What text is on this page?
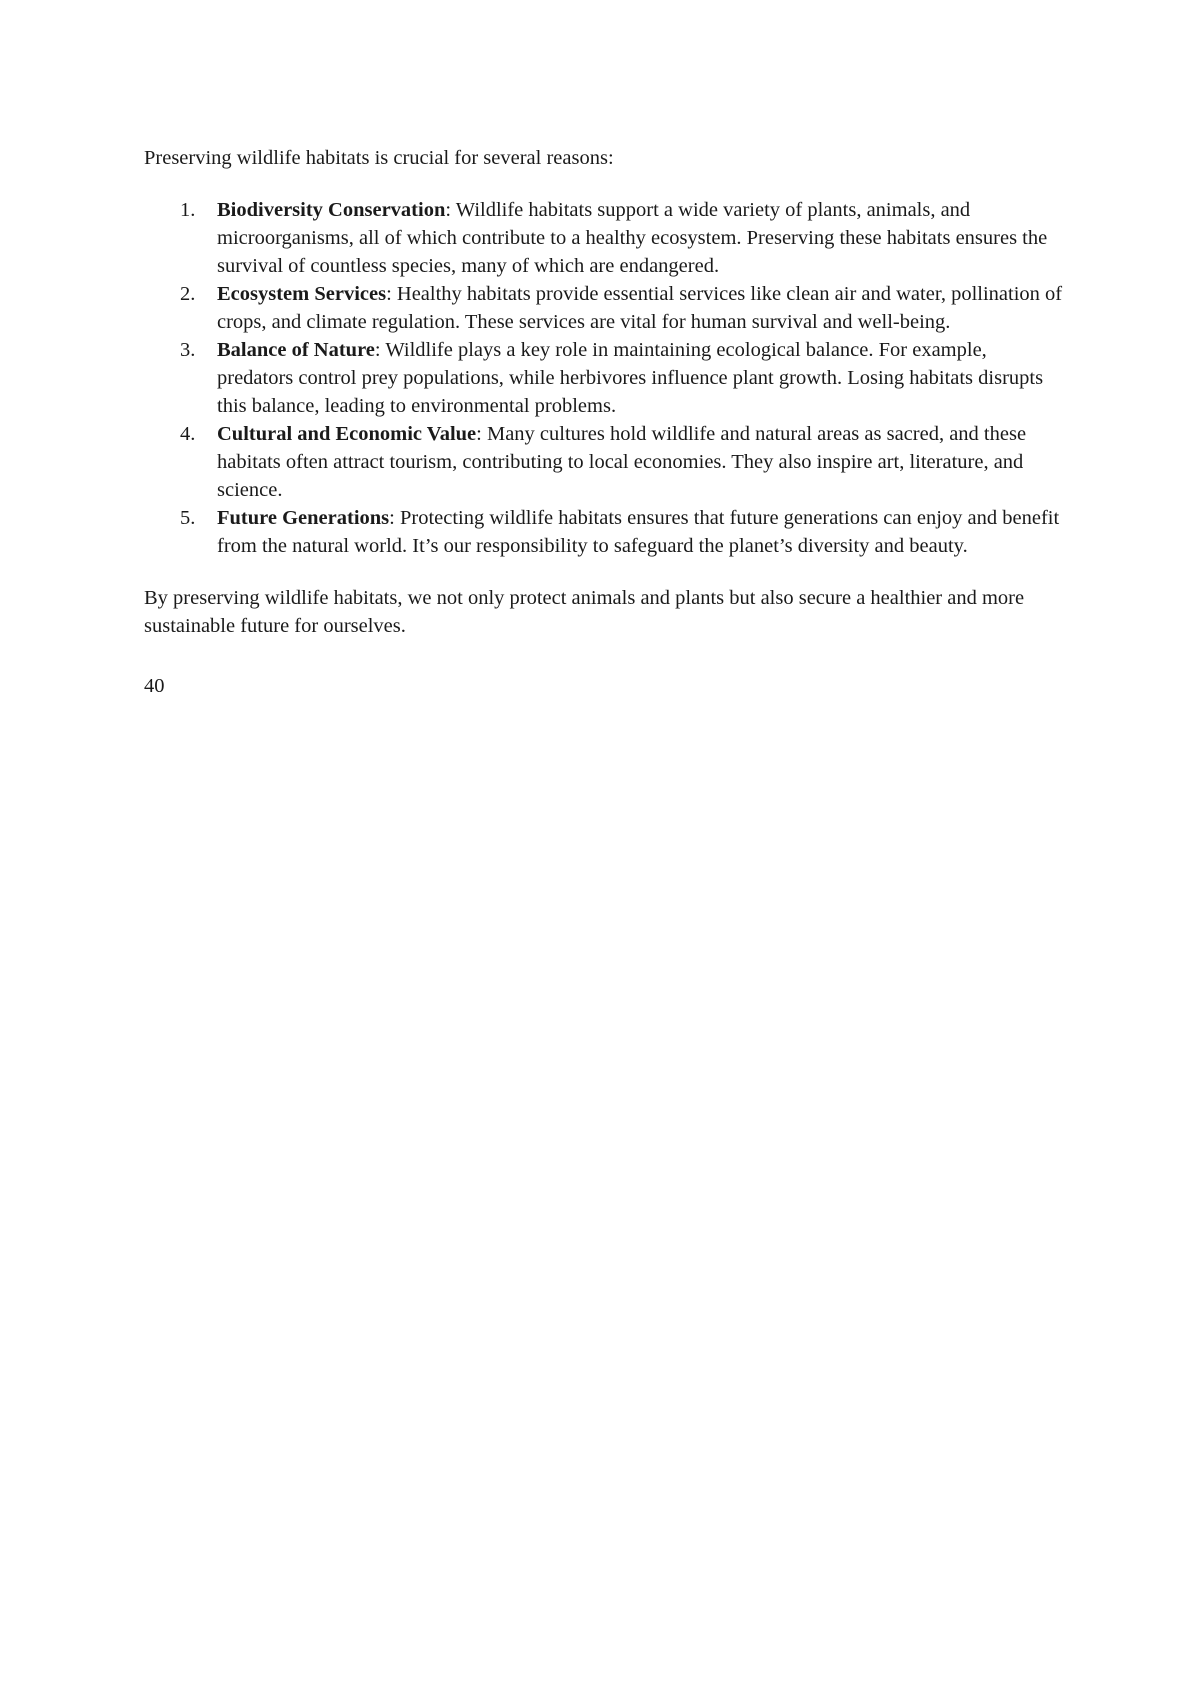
Preserving wildlife habitats is crucial for several reasons:

1.	Biodiversity Conservation: Wildlife habitats support a wide variety of plants, animals, and microorganisms, all of which contribute to a healthy ecosystem. Preserving these habitats ensures the survival of countless species, many of which are endangered.
2.	Ecosystem Services: Healthy habitats provide essential services like clean air and water, pollination of crops, and climate regulation. These services are vital for human survival and well-being.
3.	Balance of Nature: Wildlife plays a key role in maintaining ecological balance. For example, predators control prey populations, while herbivores influence plant growth. Losing habitats disrupts this balance, leading to environmental problems.
4.	Cultural and Economic Value: Many cultures hold wildlife and natural areas as sacred, and these habitats often attract tourism, contributing to local economies. They also inspire art, literature, and science.
5.	Future Generations: Protecting wildlife habitats ensures that future generations can enjoy and benefit from the natural world. It’s our responsibility to safeguard the planet’s diversity and beauty.

By preserving wildlife habitats, we not only protect animals and plants but also secure a healthier and more sustainable future for ourselves.

40
